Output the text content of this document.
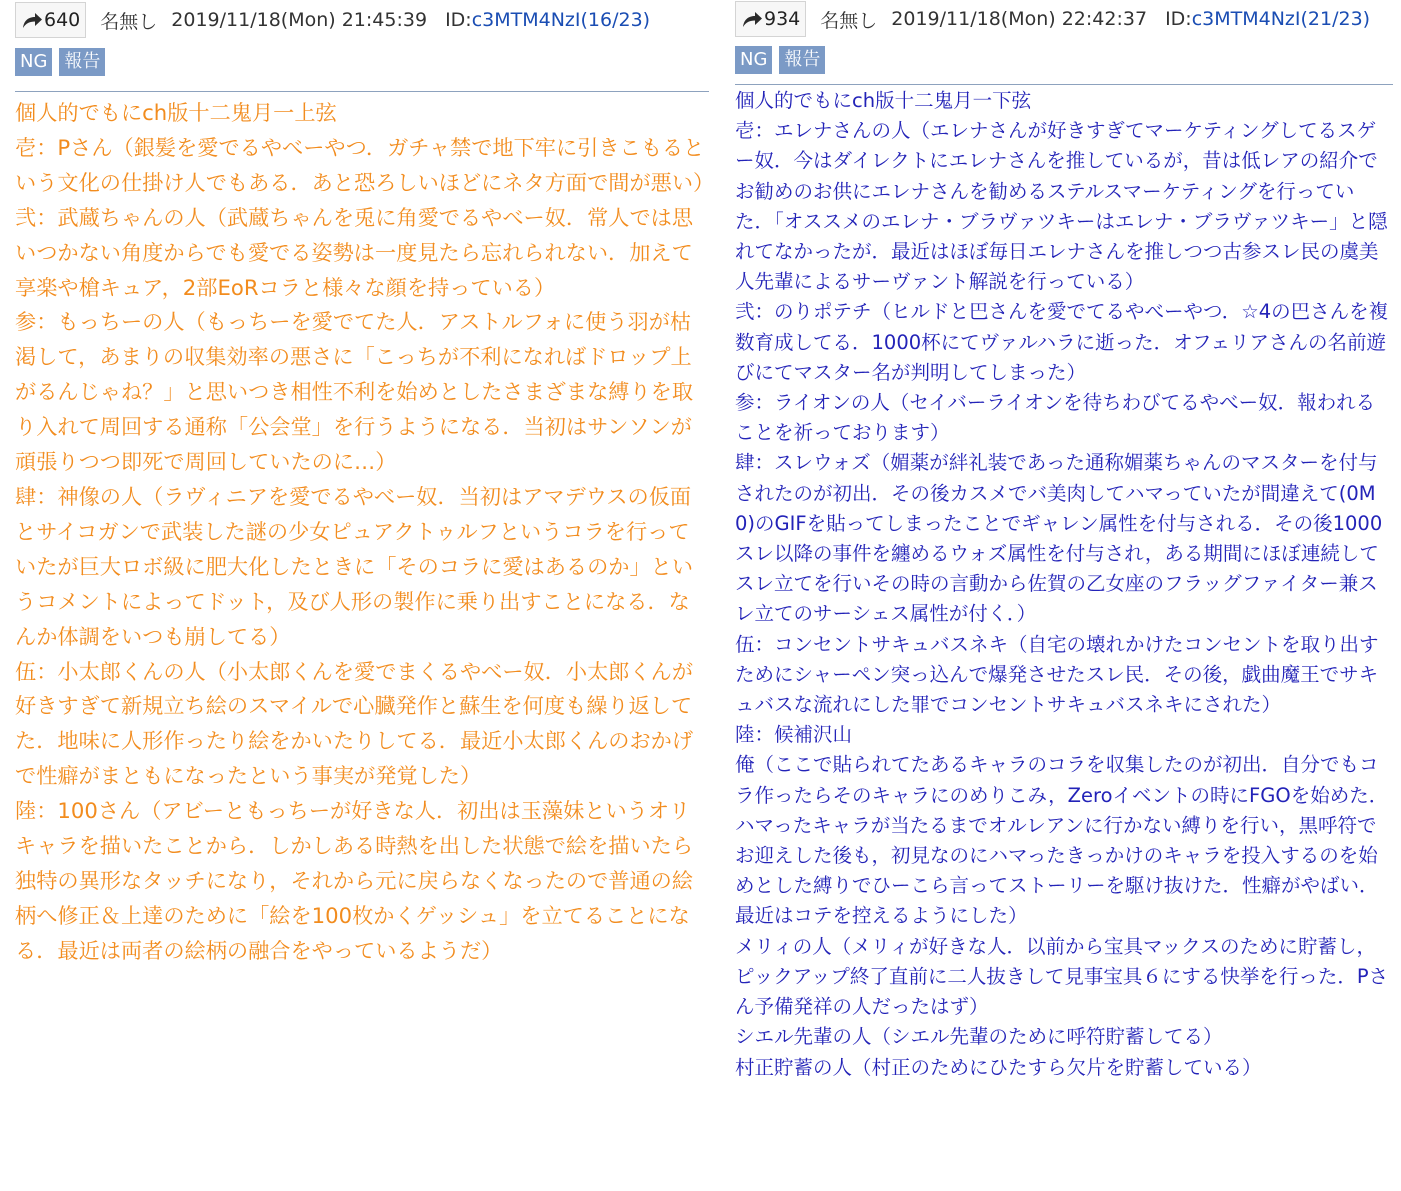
640 名無し 2019/11/18(Mon) 21:45:39 ID: c3MTM4NzI(16/23)
NG 報告
個人的でもにch版十二鬼月一上弦
壱：Pさん（銀髪を愛でるやべーやつ．ガチャ禁で地下牢に引きこもるという文化の仕掛け人でもある．あと恐ろしいほどにネタ方面で間が悪い）
弐：武蔵ちゃんの人（武蔵ちゃんを兎に角愛でるやべー奴．常人では思いつかない角度からでも愛でる姿勢は一度見たら忘れられない．加えて享楽や槍キュア，2部EoRコラと様々な顔を持っている）
参：もっちーの人（もっちーを愛でてた人．アストルフォに使う羽が枯渇して，あまりの収集効率の悪さに「こっちが不利になればドロップ上がるんじゃね？」と思いつき相性不利を始めとしたさまざまな縛りを取り入れて周回する通称「公会堂」を行うようになる．当初はサンソンが頑張りつつ即死で周回していたのに…）
肆：神像の人（ラヴィニアを愛でるやべー奴．当初はアマデウスの仮面とサイコガンで武装した謎の少女ピュアクトゥルフというコラを行っていたが巨大ロボ級に肥大化したときに「そのコラに愛はあるのか」というコメントによってドット，及び人形の製作に乗り出すことになる．なんか体調をいつも崩してる）
伍：小太郎くんの人（小太郎くんを愛でまくるやべー奴．小太郎くんが好きすぎて新規立ち絵のスマイルで心臓発作と蘇生を何度も繰り返してた．地味に人形作ったり絵をかいたりしてる．最近小太郎くんのおかげで性癖がまともになったという事実が発覚した）
陸：100さん（アビーともっちーが好きな人．初出は玉藻妹というオリキャラを描いたことから．しかしある時熱を出した状態で絵を描いたら独特の異形なタッチになり，それから元に戻らなくなったので普通の絵柄へ修正＆上達のために「絵を100枚かくゲッシュ」を立てることになる．最近は両者の絵柄の融合をやっているようだ）
934 名無し 2019/11/18(Mon) 22:42:37 ID: c3MTM4NzI(21/23)
NG 報告
個人的でもにch版十二鬼月一下弦
壱：エレナさんの人（エレナさんが好きすぎてマーケティングしてるスゲー奴．今はダイレクトにエレナさんを推しているが，昔は低レアの紹介でお勧めのお供にエレナさんを勧めるステルスマーケティングを行っていた．「オススメのエレナ・ブラヴァツキーはエレナ・ブラヴァツキー」と隠れてなかったが．最近はほぼ毎日エレナさんを推しつつ古参スレ民の虞美人先輩によるサーヴァント解説を行っている）
弐：のりポテチ（ヒルドと巴さんを愛でてるやべーやつ．☆4の巴さんを複数育成してる．1000杯にてヴァルハラに逝った．オフェリアさんの名前遊びにてマスター名が判明してしまった）
参：ライオンの人（セイバーライオンを待ちわびてるやべー奴．報われることを祈っております）
肆：スレウォズ（媚薬が絆礼装であった通称媚薬ちゃんのマスターを付与されたのが初出．その後カスメでバ美肉してハマっていたが間違えて(0M0)のGIFを貼ってしまったことでギャレン属性を付与される．その後1000スレ以降の事件を纏めるウォズ属性を付与され，ある期間にほぼ連続してスレ立てを行いその時の言動から佐賀の乙女座のフラッグファイター兼スレ立てのサーシェス属性が付く．）
伍：コンセントサキュバスネキ（自宅の壊れかけたコンセントを取り出すためにシャーペン突っ込んで爆発させたスレ民．その後，戯曲魔王でサキュバスな流れにした罪でコンセントサキュバスネキにされた）
陸：候補沢山
俺（ここで貼られてたあるキャラのコラを収集したのが初出．自分でもコラ作ったらそのキャラにのめりこみ，Zeroイベントの時にFGOを始めた．ハマったキャラが当たるまでオルレアンに行かない縛りを行い，黒呼符でお迎えした後も，初見なのにハマったきっかけのキャラを投入するのを始めとした縛りでひーこら言ってストーリーを駆け抜けた．性癖がやばい．最近はコテを控えるようにした）
メリィの人（メリィが好きな人．以前から宝具マックスのために貯蓄し，ピックアップ終了直前に二人抜きして見事宝具６にする快挙を行った．Pさん予備発祥の人だったはず）
シエル先輩の人（シエル先輩のために呼符貯蓄してる）
村正貯蓄の人（村正のためにひたすら欠片を貯蓄している）
